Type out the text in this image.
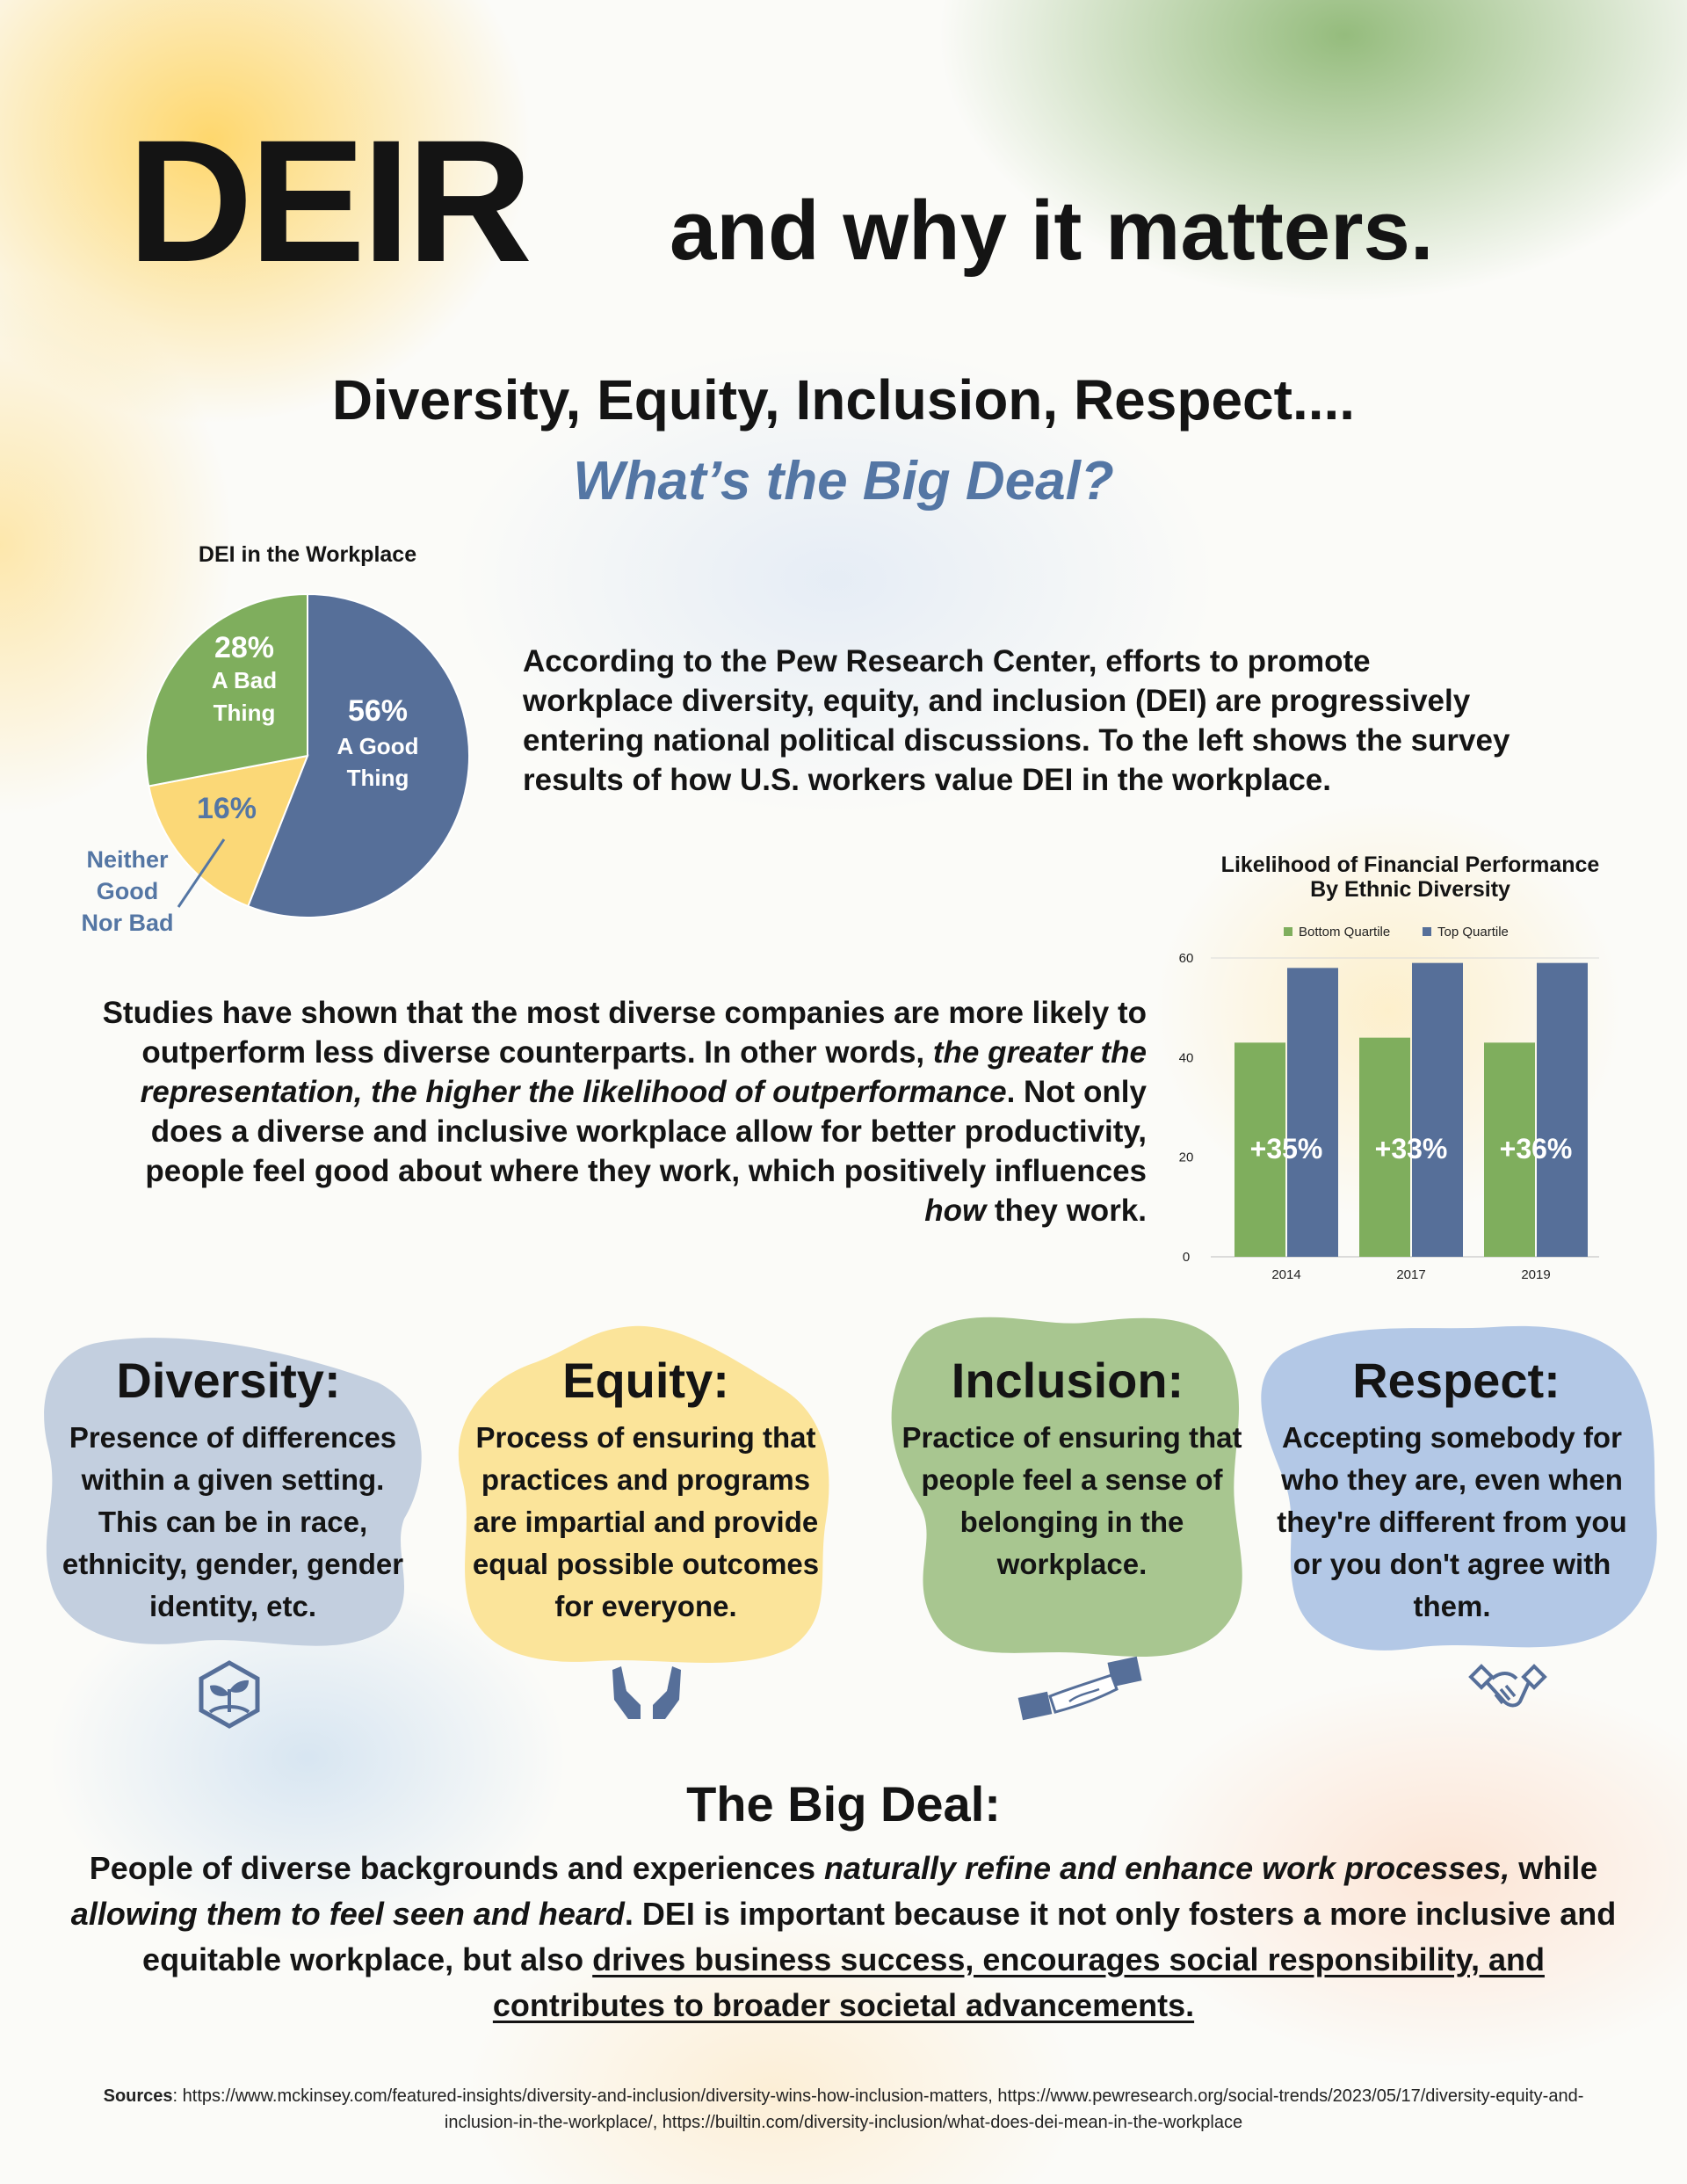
DEIR and why it matters.
Diversity, Equity, Inclusion, Respect....
What’s the Big Deal?
DEI in the Workplace
56%
A Good
Thing
28%
A Bad
Thing
16%
Neither
Good
Nor Bad
According to the Pew Research Center, efforts to promote workplace diversity, equity, and inclusion (DEI) are progressively entering national political discussions. To the left shows the survey results of how U.S. workers value DEI in the workplace.
Likelihood of Financial Performance
By Ethnic Diversity
Bottom Quartile	Top Quartile
0
20
40
60
+35% +33% +36%
2014	2017	2019
Studies have shown that the most diverse companies are more likely to outperform less diverse counterparts. In other words, the greater the representation, the higher the likelihood of outperformance. Not only does a diverse and inclusive workplace allow for better productivity, people feel good about where they work, which positively influences how they work.
Diversity:
Presence of differences within a given setting. This can be in race, ethnicity, gender, gender identity, etc.
Equity:
Process of ensuring that practices and programs are impartial and provide equal possible outcomes for everyone.
Inclusion:
Practice of ensuring that people feel a sense of belonging in the workplace.
Respect:
Accepting somebody for who they are, even when they're different from you or you don't agree with them.
The Big Deal:
People of diverse backgrounds and experiences naturally refine and enhance work processes, while allowing them to feel seen and heard. DEI is important because it not only fosters a more inclusive and equitable workplace, but also drives business success, encourages social responsibility, and contributes to broader societal advancements.
Sources: https://www.mckinsey.com/featured-insights/diversity-and-inclusion/diversity-wins-how-inclusion-matters, https://www.pewresearch.org/social-trends/2023/05/17/diversity-equity-and-inclusion-in-the-workplace/, https://builtin.com/diversity-inclusion/what-does-dei-mean-in-the-workplace
